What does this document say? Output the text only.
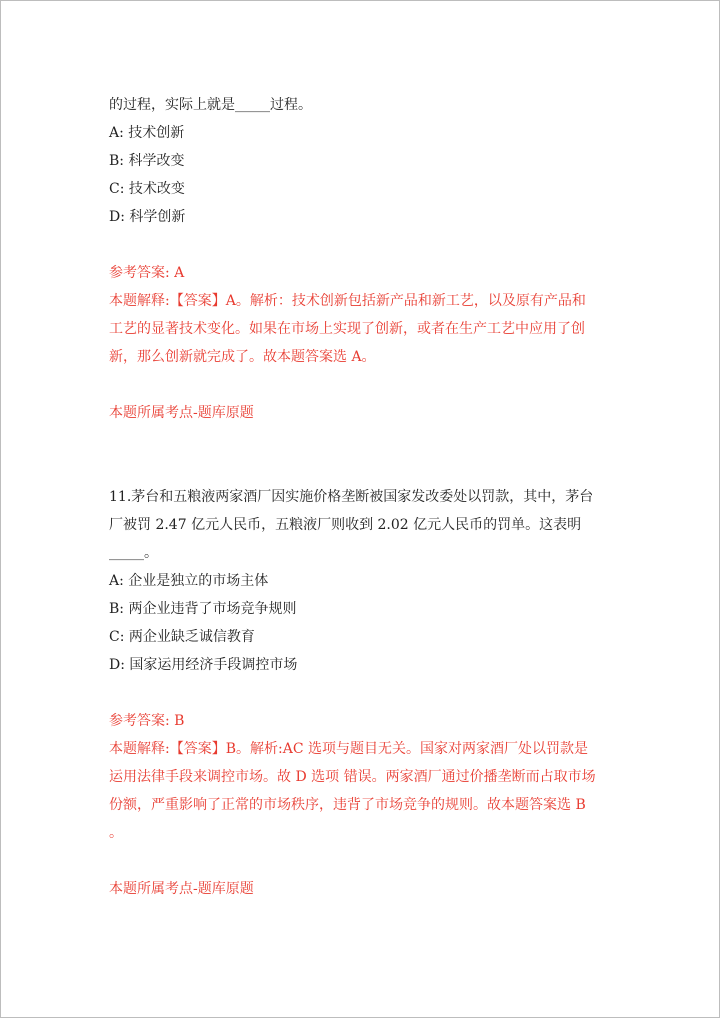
的过程，实际上就是_____过程。
A: 技术创新
B: 科学改变
C: 技术改变
D: 科学创新
参考答案: A
本题解释:【答案】A。解析：技术创新包括新产品和新工艺，以及原有产品和
工艺的显著技术变化。如果在市场上实现了创新，或者在生产工艺中应用了创
新，那么创新就完成了。故本题答案选 A。
本题所属考点-题库原题
11.茅台和五粮液两家酒厂因实施价格垄断被国家发改委处以罚款，其中，茅台
厂被罚 2.47 亿元人民币，五粮液厂则收到 2.02 亿元人民币的罚单。这表明
_____。
A: 企业是独立的市场主体
B: 两企业违背了市场竞争规则
C: 两企业缺乏诚信教育
D: 国家运用经济手段调控市场
参考答案: B
本题解释:【答案】B。解析:AC 选项与题目无关。国家对两家酒厂处以罚款是
运用法律手段来调控市场。故 D 选项 错误。两家酒厂通过价播垄断而占取市场
份额，严重影响了正常的市场秩序，违背了市场竞争的规则。故本题答案选 B
。
本题所属考点-题库原题
